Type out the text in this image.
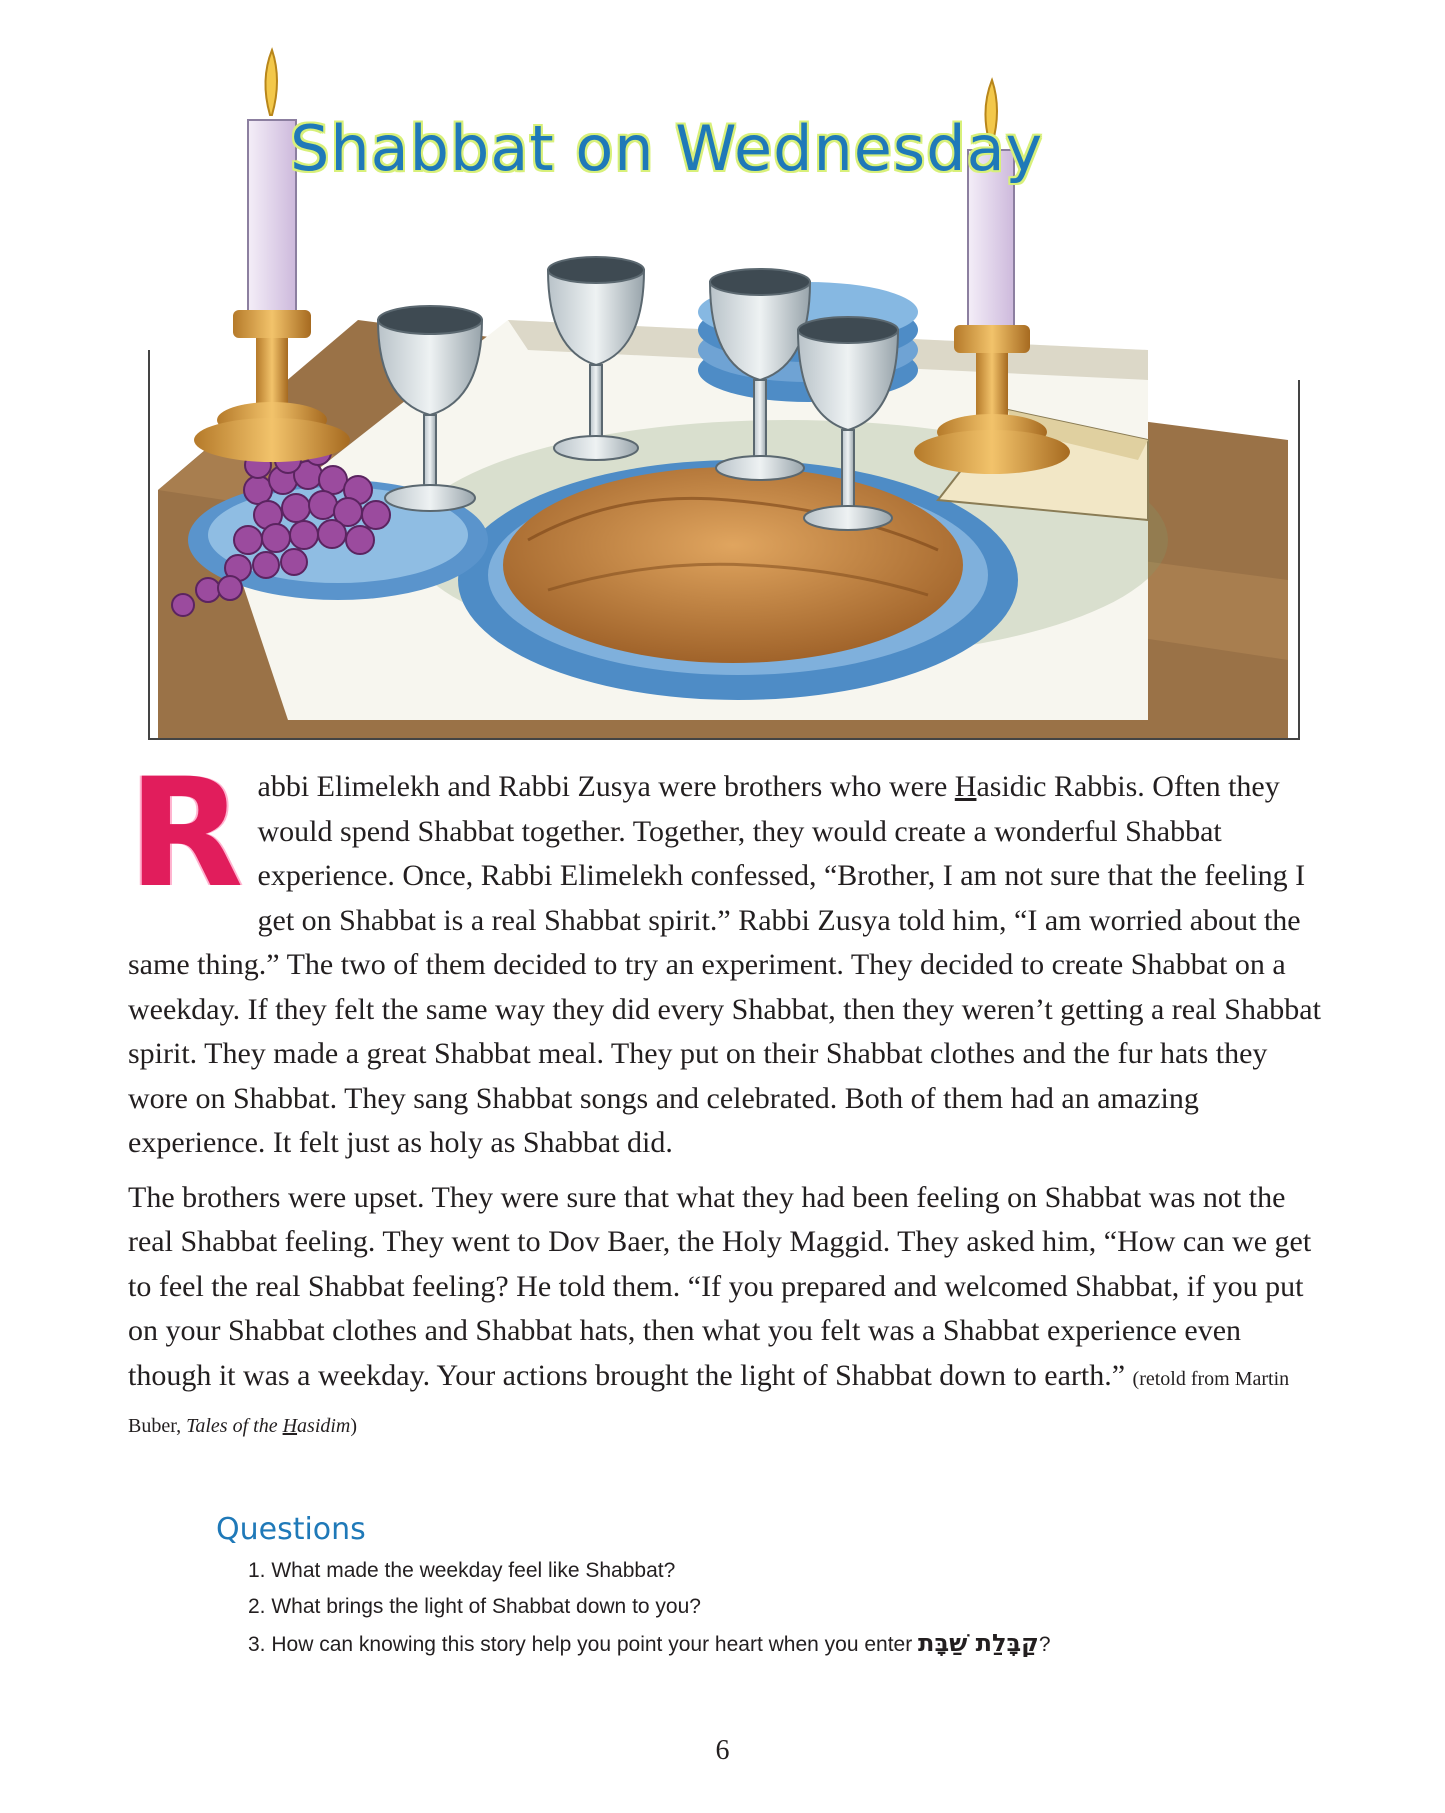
Shabbat on Wednesday
R abbi Elimelekh and Rabbi Zusya were brothers who were Hasidic Rabbis. Often they would spend Shabbat together. Together, they would create a wonderful Shabbat experience. Once, Rabbi Elimelekh confessed, “Brother, I am not sure that the feeling I get on Shabbat is a real Shabbat spirit.” Rabbi Zusya told him, “I am worried about the same thing.” The two of them decided to try an experiment. They decided to create Shabbat on a weekday. If they felt the same way they did every Shabbat, then they weren’t getting a real Shabbat spirit. They made a great Shabbat meal. They put on their Shabbat clothes and the fur hats they wore on Shabbat. They sang Shabbat songs and celebrated. Both of them had an amazing experience. It felt just as holy as Shabbat did.

The brothers were upset. They were sure that what they had been feeling on Shabbat was not the real Shabbat feeling. They went to Dov Baer, the Holy Maggid. They asked him, “How can we get to feel the real Shabbat feeling? He told them. “If you prepared and welcomed Shabbat, if you put on your Shabbat clothes and Shabbat hats, then what you felt was a Shabbat experience even though it was a weekday. Your actions brought the light of Shabbat down to earth.” (retold from Martin Buber, Tales of the Hasidim)

Questions
1. What made the weekday feel like Shabbat?
2. What brings the light of Shabbat down to you?
3. How can knowing this story help you point your heart when you enter קַבָּלַת שַׁבָּת?
6
